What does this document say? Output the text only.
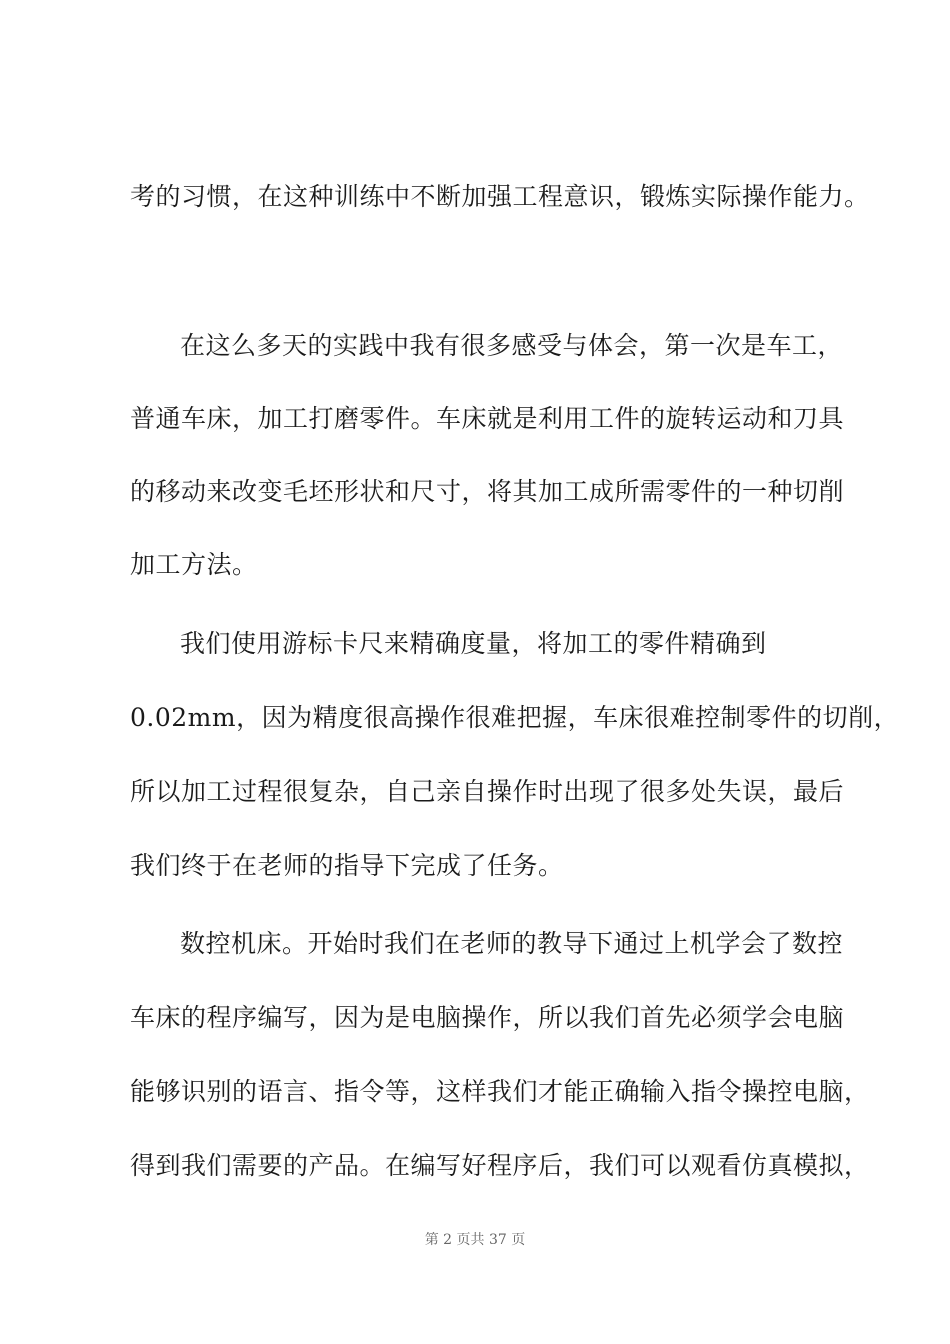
考的习惯，在这种训练中不断加强工程意识，锻炼实际操作能力。
在这么多天的实践中我有很多感受与体会，第一次是车工，
普通车床，加工打磨零件。车床就是利用工件的旋转运动和刀具
的移动来改变毛坯形状和尺寸，将其加工成所需零件的一种切削
加工方法。
我们使用游标卡尺来精确度量，将加工的零件精确到
0.02mm，因为精度很高操作很难把握，车床很难控制零件的切削，
所以加工过程很复杂，自己亲自操作时出现了很多处失误，最后
我们终于在老师的指导下完成了任务。
数控机床。开始时我们在老师的教导下通过上机学会了数控
车床的程序编写，因为是电脑操作，所以我们首先必须学会电脑
能够识别的语言、指令等，这样我们才能正确输入指令操控电脑，
得到我们需要的产品。在编写好程序后，我们可以观看仿真模拟，
第 2 页共 37 页
